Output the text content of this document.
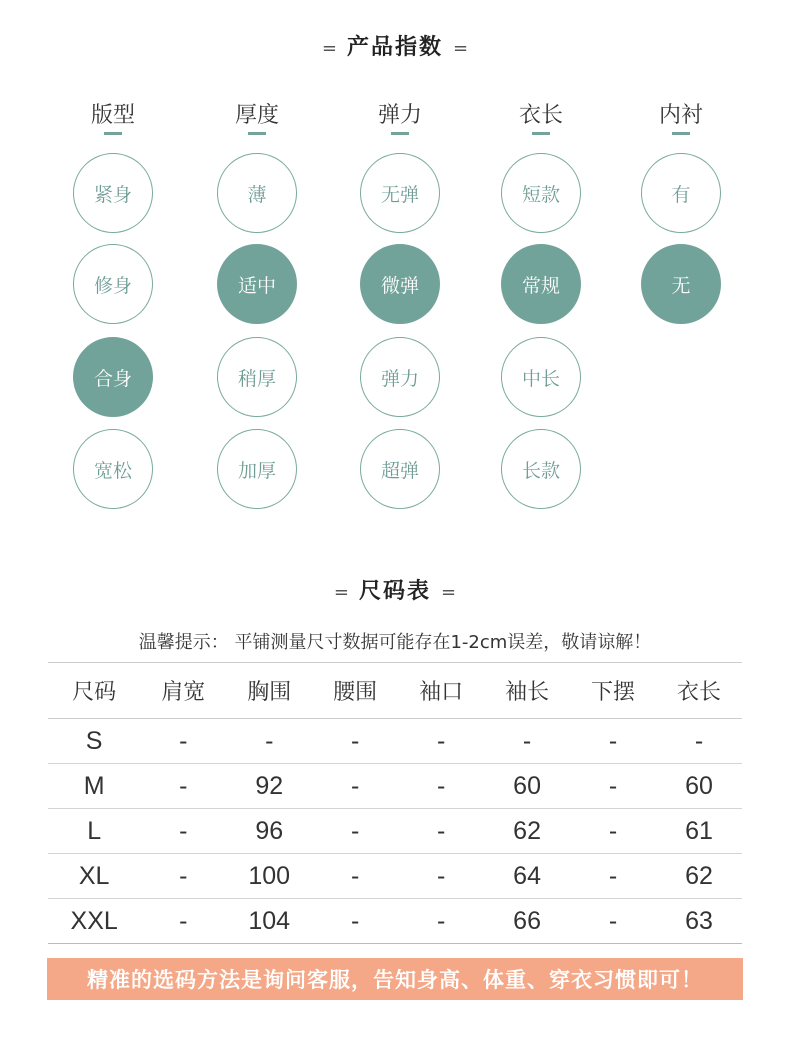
= 产品指数 =
版型
紧身
修身
合身
宽松
厚度
薄
适中
稍厚
加厚
弹力
无弹
微弹
弹力
超弹
衣长
短款
常规
中长
长款
内衬
有
无
= 尺码表 =
温馨提示： 平铺测量尺寸数据可能存在1-2cm误差，敬请谅解！
尺码	肩宽	胸围	腰围	袖口	袖长	下摆	衣长
S	-	-	-	-	-	-	-
M	-	92	-	-	60	-	60
L	-	96	-	-	62	-	61
XL	-	100	-	-	64	-	62
XXL	-	104	-	-	66	-	63
精准的选码方法是询问客服，告知身高、体重、穿衣习惯即可！
